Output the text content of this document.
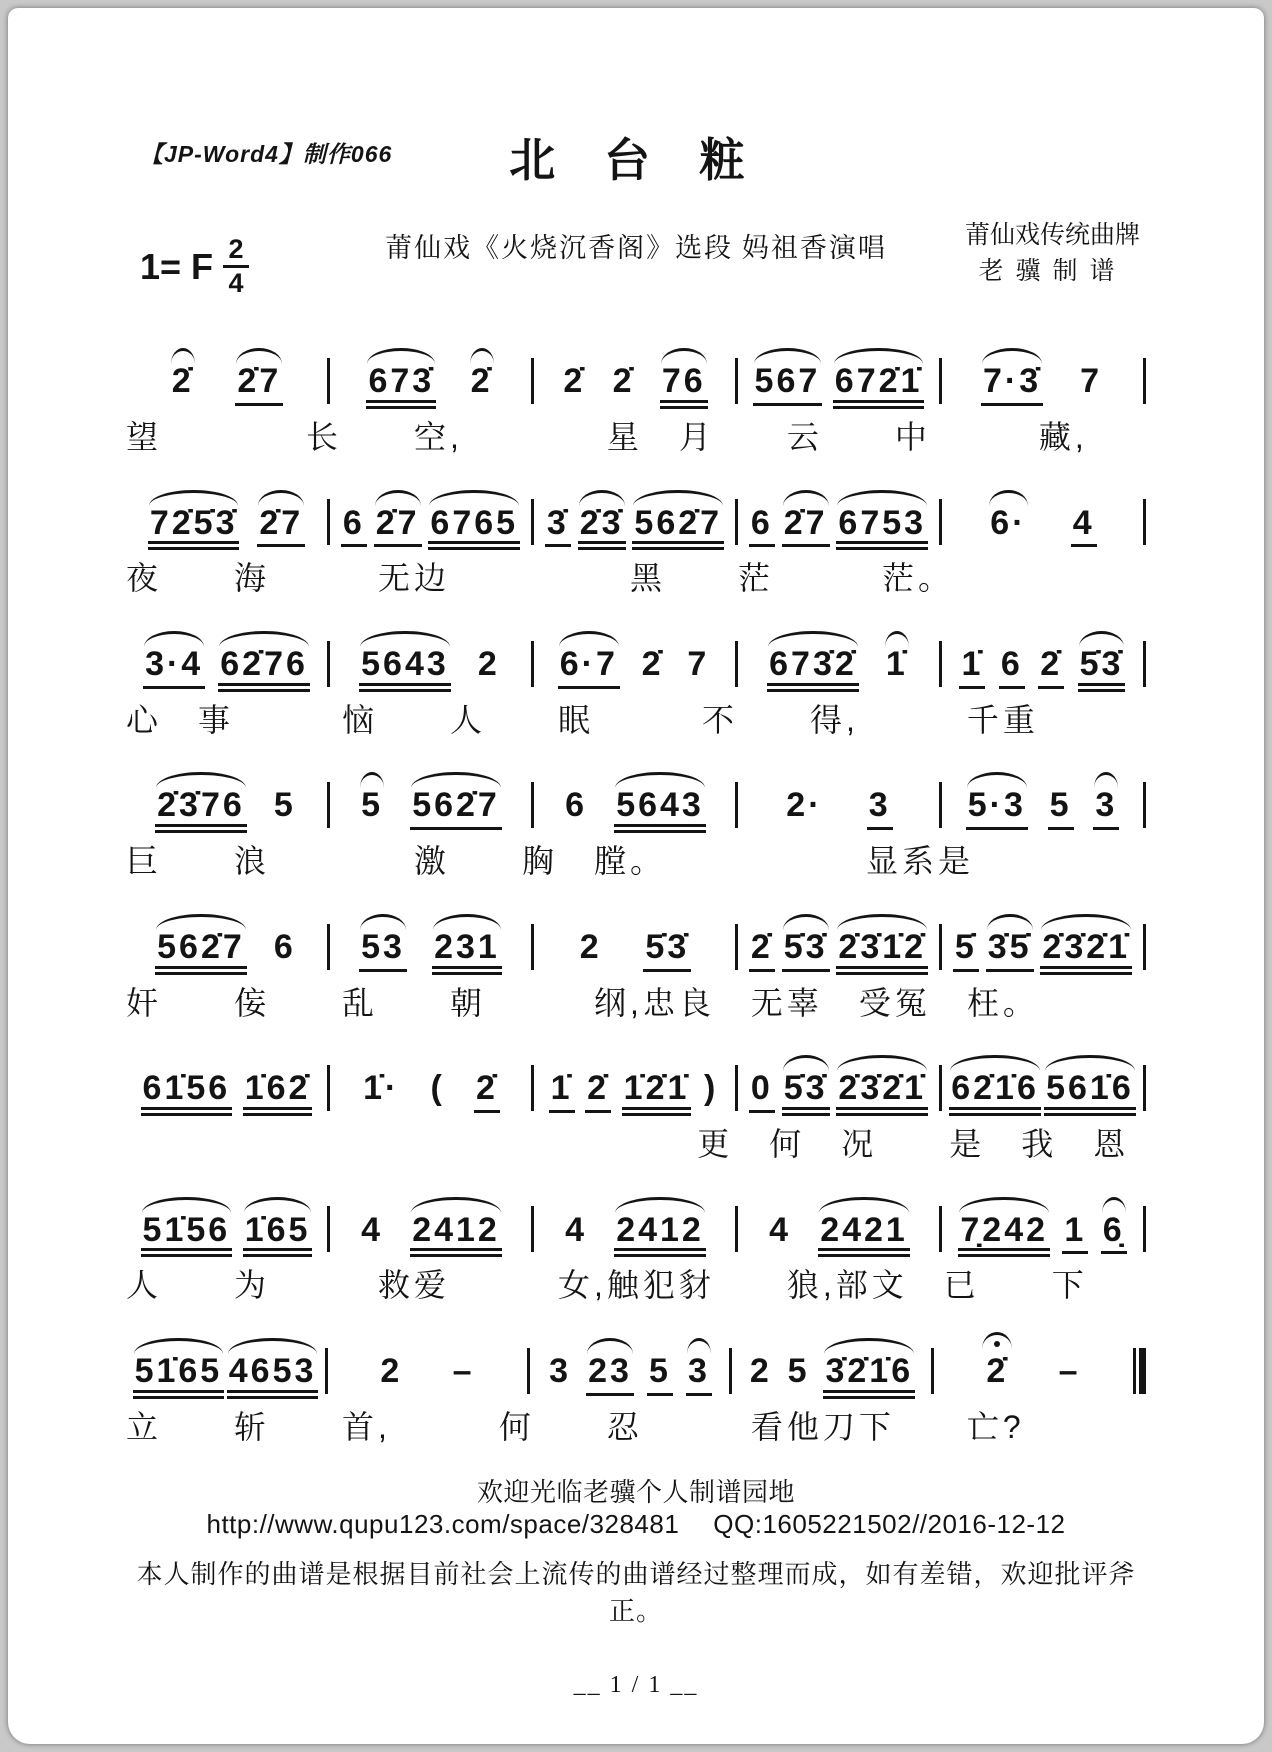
【JP-Word4】制作066	北 台 粧
1= F $\frac{2}{4}$	莆仙戏《火烧沉香阁》选段 妈祖香演唱	莆仙戏传统曲牌
老骥制谱
2̇ 2̇7	673̇ 2̇ 2̇ 2̇ 76 567 672̇1̇ 7·3̇ 7
望　　　　长　　空,　　　　星　月　　云　　中　　　藏,
72̇5̇3̇ 2̇7 6 2̇7 6765 3̇ 2̇3̇ 562̇7 6 2̇7 6753 6· 4
夜　　海　　　无边　　　　　黑　　茫　　　茫。
3·4 62̇76 5643 2 6·7 2̇ 7 673̇2̇ 1̇ 1̇ 6 2̇ 5̇3̇
心　事　　　恼　　人　　眠　　　不　　得,　　　千重
2̇3̇76 5 5 562̇7 6 5643 2· 3 5·3 5 3
巨　　浪　　　　激　　胸　膛。　　　　　　显系是
562̇7 6 53 231 2 5̇3̇ 2̇ 5̇3̇ 2̇3̇1̇2̇ 5̇ 3̇5̇ 2̇3̇2̇1̇
奸　　侫　　乱　　朝　　　纲,忠良　无辜　受冤　枉。
61̇56 1̇62̇ 1̇· ( 2̇ 1̇ 2̇ 1̇2̇1̇ ) 0 5̇3̇ 2̇3̇2̇1̇ 62̇1̇6 561̇6
更　何　况　　是　我　恩
51̇56 1̇65 4 2412 4 2412 4 2421 7̣242 1 6̣
人　　为　　　救爱　　　女,触犯豺　　狼,部文　已　　下
51̇65 4653 2 – 3 23 5 3 2 5 3̇2̇1̇6 2̇ –
立　　斩　　首,　　　何　　忍　　　看他刀下　　亡?
欢迎光临老骥个人制谱园地http://www.qupu123.com/space/328481 QQ:1605221502//2016-12-12
本人制作的曲谱是根据目前社会上流传的曲谱经过整理而成，如有差错，欢迎批评斧正。
__ 1 / 1 __
